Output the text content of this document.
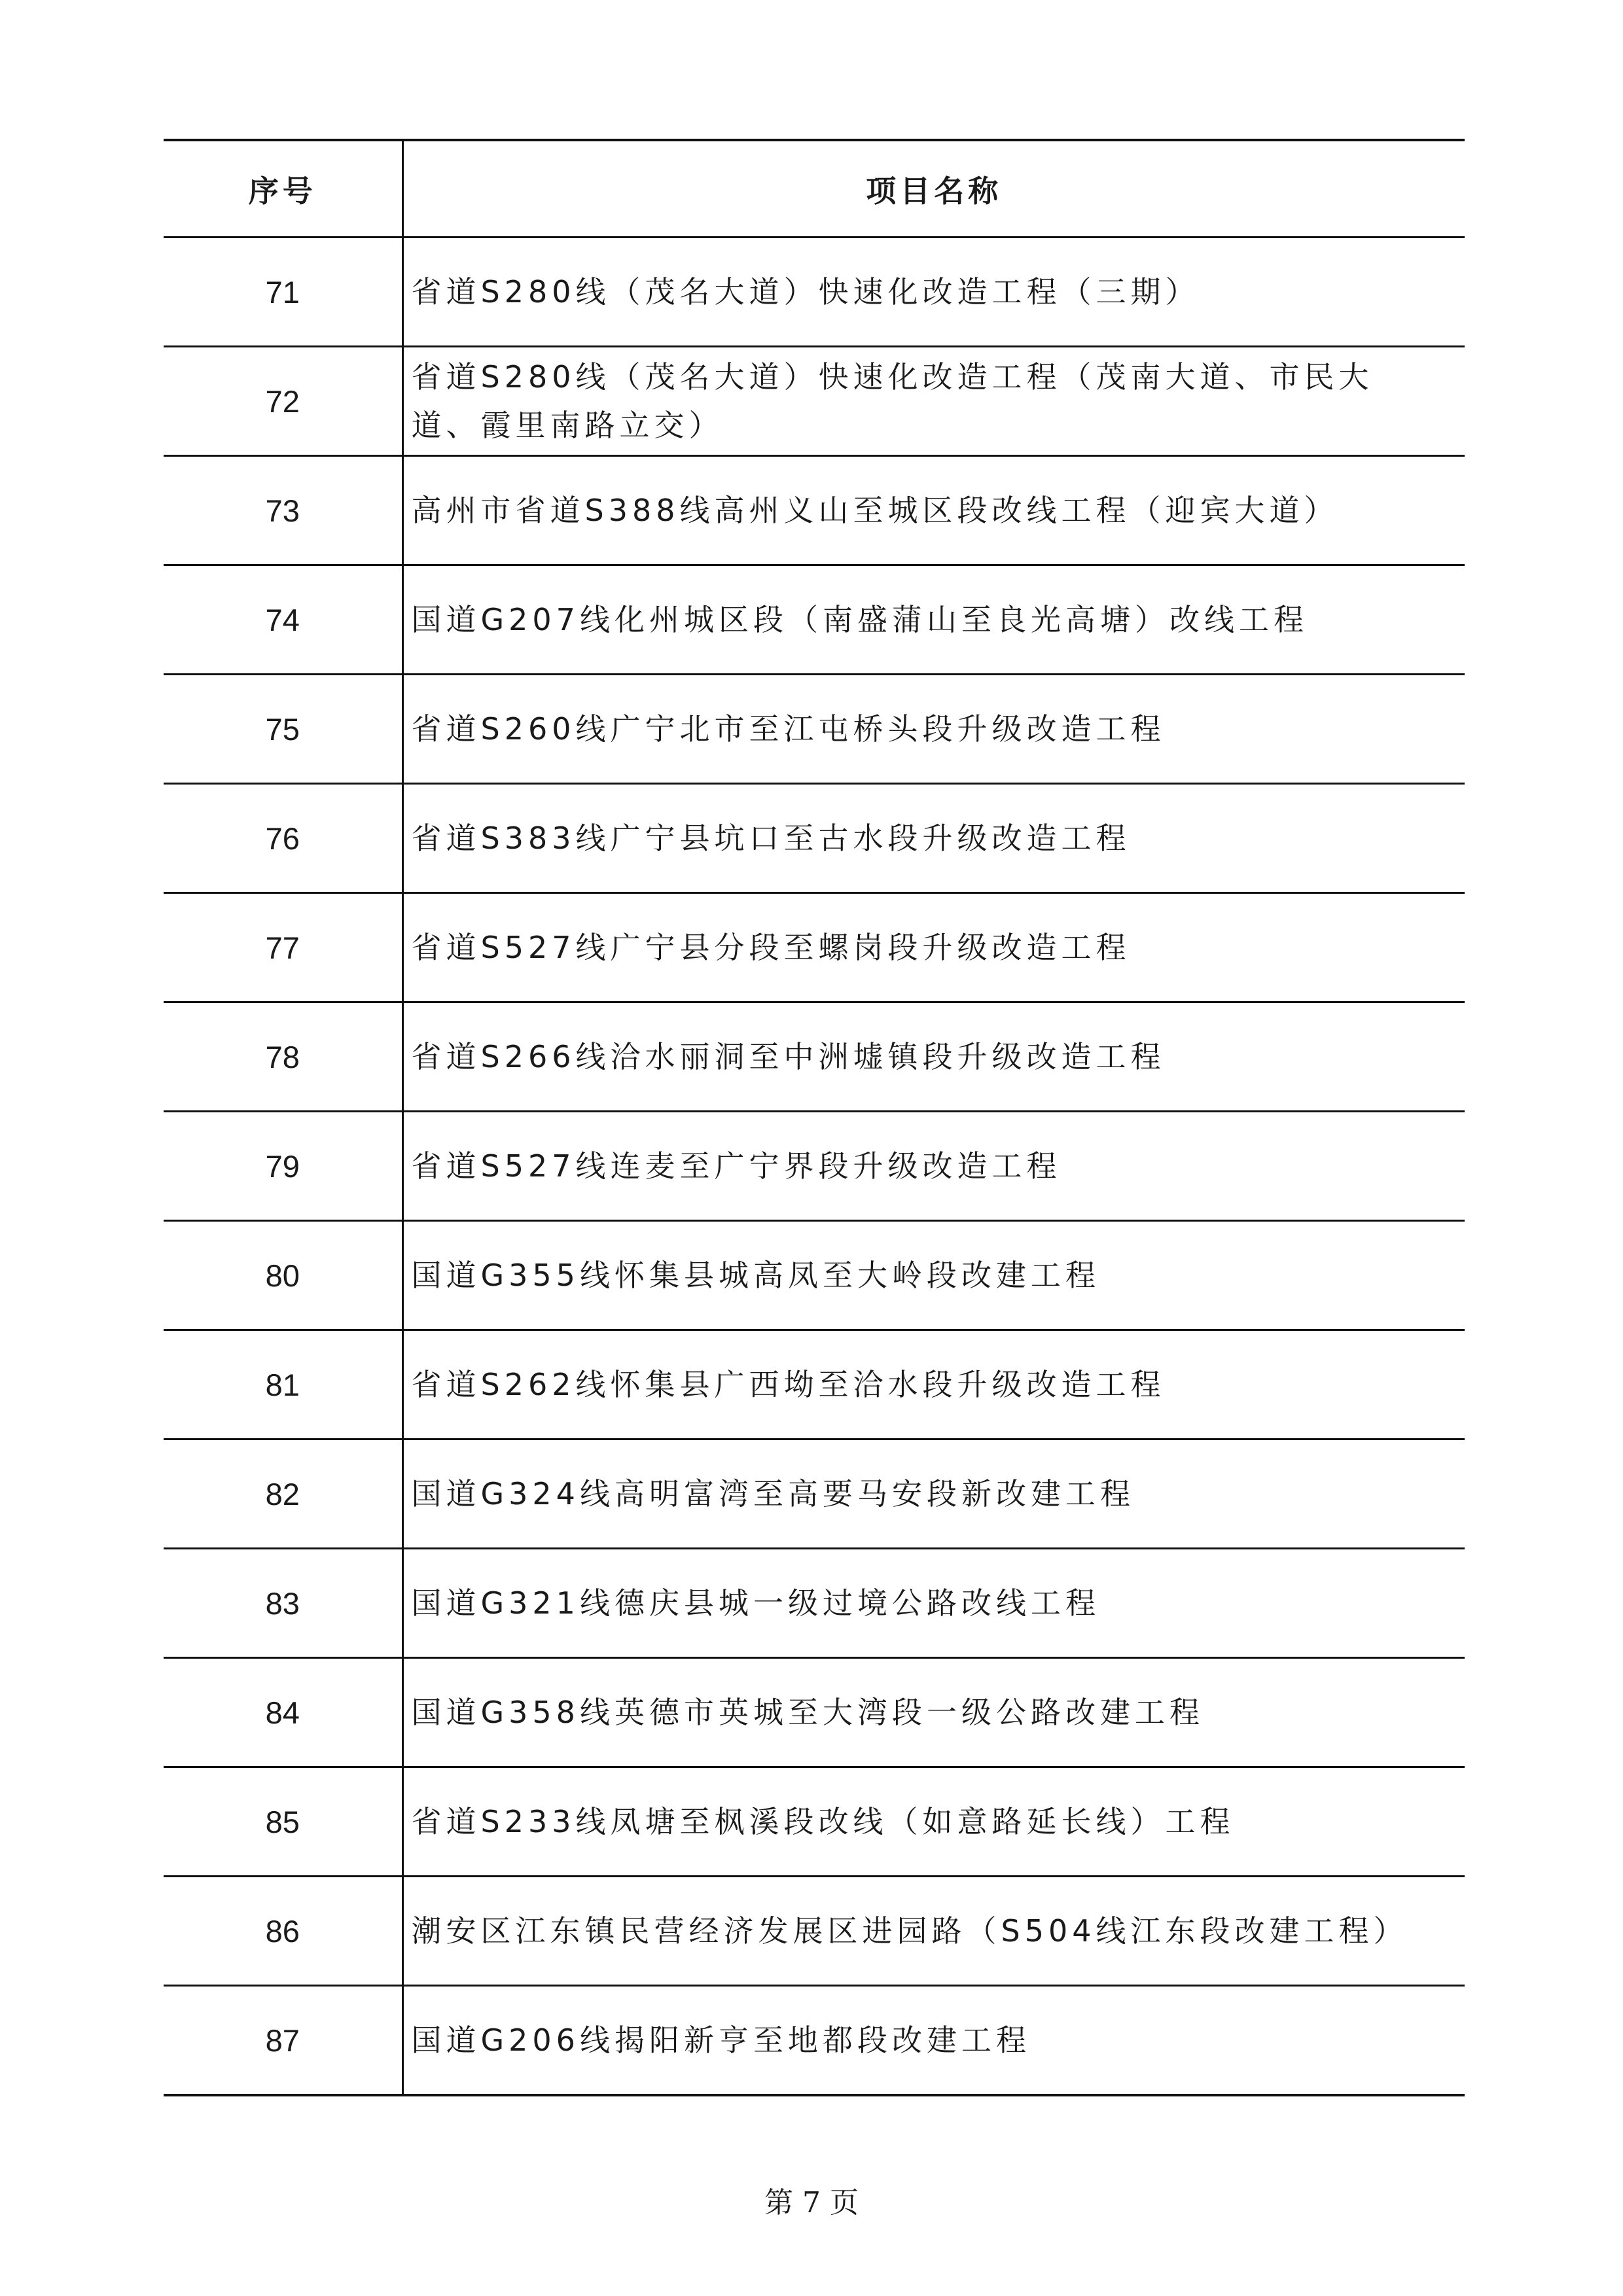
序号	项目名称
71	省道S280线（茂名大道）快速化改造工程（三期）
72	省道S280线（茂名大道）快速化改造工程（茂南大道、市民大道、霞里南路立交）
73	高州市省道S388线高州义山至城区段改线工程（迎宾大道）
74	国道G207线化州城区段（南盛蒲山至良光高塘）改线工程
75	省道S260线广宁北市至江屯桥头段升级改造工程
76	省道S383线广宁县坑口至古水段升级改造工程
77	省道S527线广宁县分段至螺岗段升级改造工程
78	省道S266线洽水丽洞至中洲墟镇段升级改造工程
79	省道S527线连麦至广宁界段升级改造工程
80	国道G355线怀集县城高凤至大岭段改建工程
81	省道S262线怀集县广西坳至洽水段升级改造工程
82	国道G324线高明富湾至高要马安段新改建工程
83	国道G321线德庆县城一级过境公路改线工程
84	国道G358线英德市英城至大湾段一级公路改建工程
85	省道S233线凤塘至枫溪段改线（如意路延长线）工程
86	潮安区江东镇民营经济发展区进园路（S504线江东段改建工程）
87	国道G206线揭阳新亨至地都段改建工程
第 7 页
